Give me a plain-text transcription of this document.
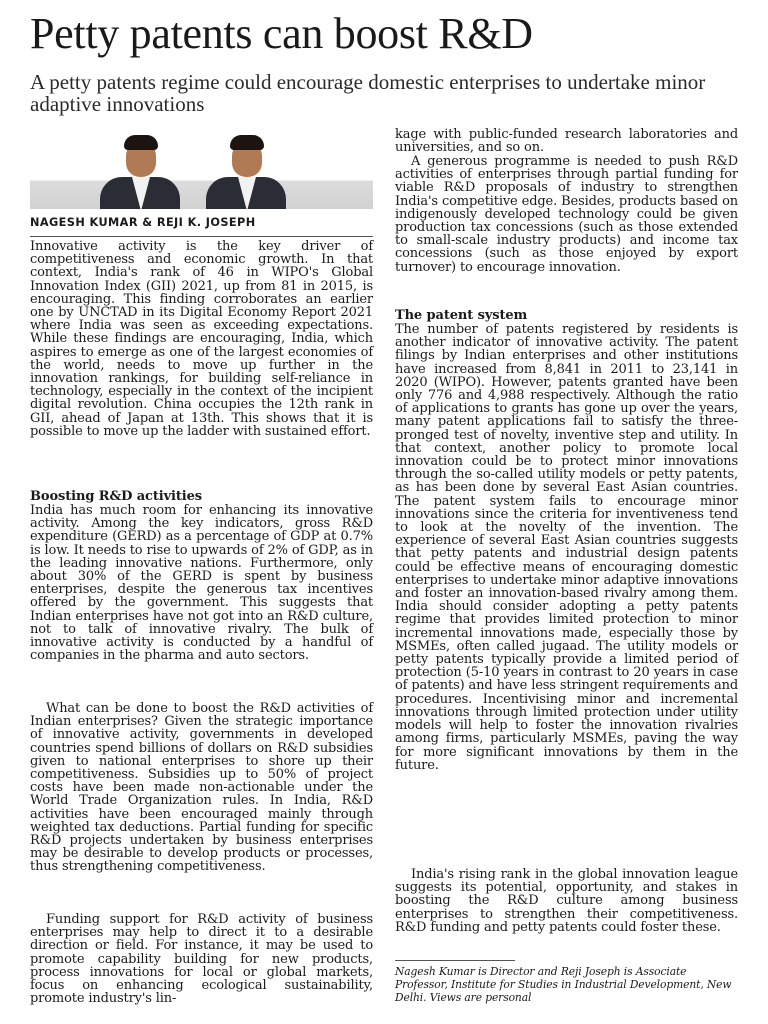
Petty patents can boost R&D
A petty patents regime could encourage domestic enterprises to undertake minor adaptive innovations

NAGESH KUMAR & REJI K. JOSEPH

Innovative activity is the key driver of competitiveness and economic growth. In that context, India's rank of 46 in WIPO's Global Innovation Index (GII) 2021, up from 81 in 2015, is encouraging. This finding corroborates an earlier one by UNCTAD in its Digital Economy Report 2021 where India was seen as exceeding expectations. While these findings are encouraging, India, which aspires to emerge as one of the largest economies of the world, needs to move up further in the innovation rankings, for building self-reliance in technology, especially in the context of the incipient digital revolution. China occupies the 12th rank in GII, ahead of Japan at 13th. This shows that it is possible to move up the ladder with sustained effort.

Boosting R&D activities

India has much room for enhancing its innovative activity. Among the key indicators, gross R&D expenditure (GERD) as a percentage of GDP at 0.7% is low. It needs to rise to upwards of 2% of GDP, as in the leading innovative nations. Furthermore, only about 30% of the GERD is spent by business enterprises, despite the generous tax incentives offered by the government. This suggests that Indian enterprises have not got into an R&D culture, not to talk of innovative rivalry. The bulk of innovative activity is conducted by a handful of companies in the pharma and auto sectors.

What can be done to boost the R&D activities of Indian enterprises? Given the strategic importance of innovative activity, governments in developed countries spend billions of dollars on R&D subsidies given to national enterprises to shore up their competitiveness. Subsidies up to 50% of project costs have been made non-actionable under the World Trade Organization rules. In India, R&D activities have been encouraged mainly through weighted tax deductions. Partial funding for specific R&D projects undertaken by business enterprises may be desirable to develop products or processes, thus strengthening competitiveness.

Funding support for R&D activity of business enterprises may help to direct it to a desirable direction or field. For instance, it may be used to promote capability building for new products, process innovations for local or global markets, focus on enhancing ecological sustainability, promote industry's lin-

kage with public-funded research laboratories and universities, and so on.

A generous programme is needed to push R&D activities of enterprises through partial funding for viable R&D proposals of industry to strengthen India's competitive edge. Besides, products based on indigenously developed technology could be given production tax concessions (such as those extended to small-scale industry products) and income tax concessions (such as those enjoyed by export turnover) to encourage innovation.

The patent system

The number of patents registered by residents is another indicator of innovative activity. The patent filings by Indian enterprises and other institutions have increased from 8,841 in 2011 to 23,141 in 2020 (WIPO). However, patents granted have been only 776 and 4,988 respectively. Although the ratio of applications to grants has gone up over the years, many patent applications fail to satisfy the three-pronged test of novelty, inventive step and utility. In that context, another policy to promote local innovation could be to protect minor innovations through the so-called utility models or petty patents, as has been done by several East Asian countries. The patent system fails to encourage minor innovations since the criteria for inventiveness tend to look at the novelty of the invention. The experience of several East Asian countries suggests that petty patents and industrial design patents could be effective means of encouraging domestic enterprises to undertake minor adaptive innovations and foster an innovation-based rivalry among them. India should consider adopting a petty patents regime that provides limited protection to minor incremental innovations made, especially those by MSMEs, often called jugaad. The utility models or petty patents typically provide a limited period of protection (5-10 years in contrast to 20 years in case of patents) and have less stringent requirements and procedures. Incentivising minor and incremental innovations through limited protection under utility models will help to foster the innovation rivalries among firms, particularly MSMEs, paving the way for more significant innovations by them in the future.

India's rising rank in the global innovation league suggests its potential, opportunity, and stakes in boosting the R&D culture among business enterprises to strengthen their competitiveness. R&D funding and petty patents could foster these.

Nagesh Kumar is Director and Reji Joseph is Associate Professor, Institute for Studies in Industrial Development, New Delhi. Views are personal
